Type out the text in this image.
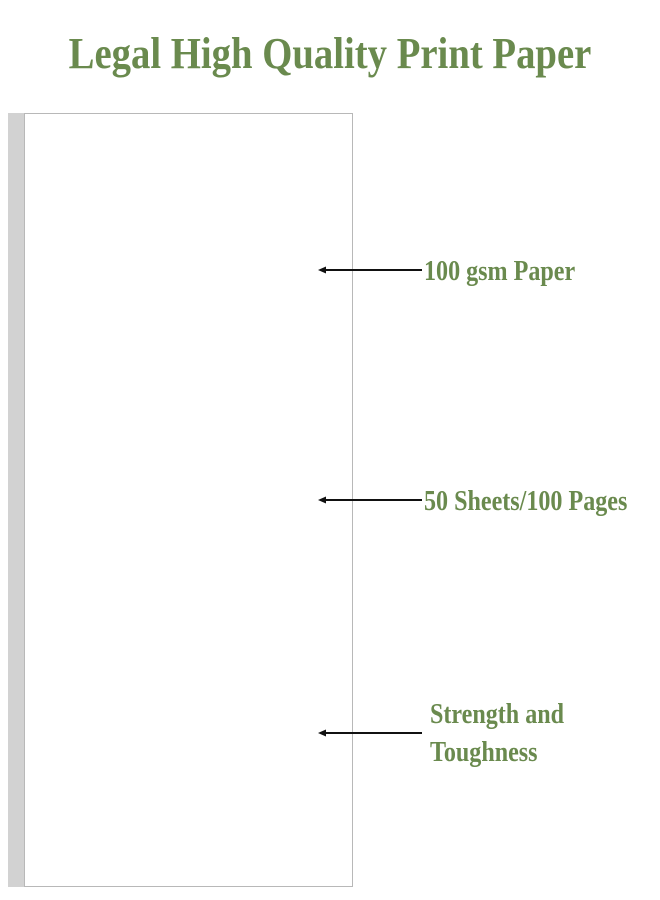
Legal High Quality Print Paper
100 gsm Paper
50 Sheets/100 Pages
Strength and
Toughness
